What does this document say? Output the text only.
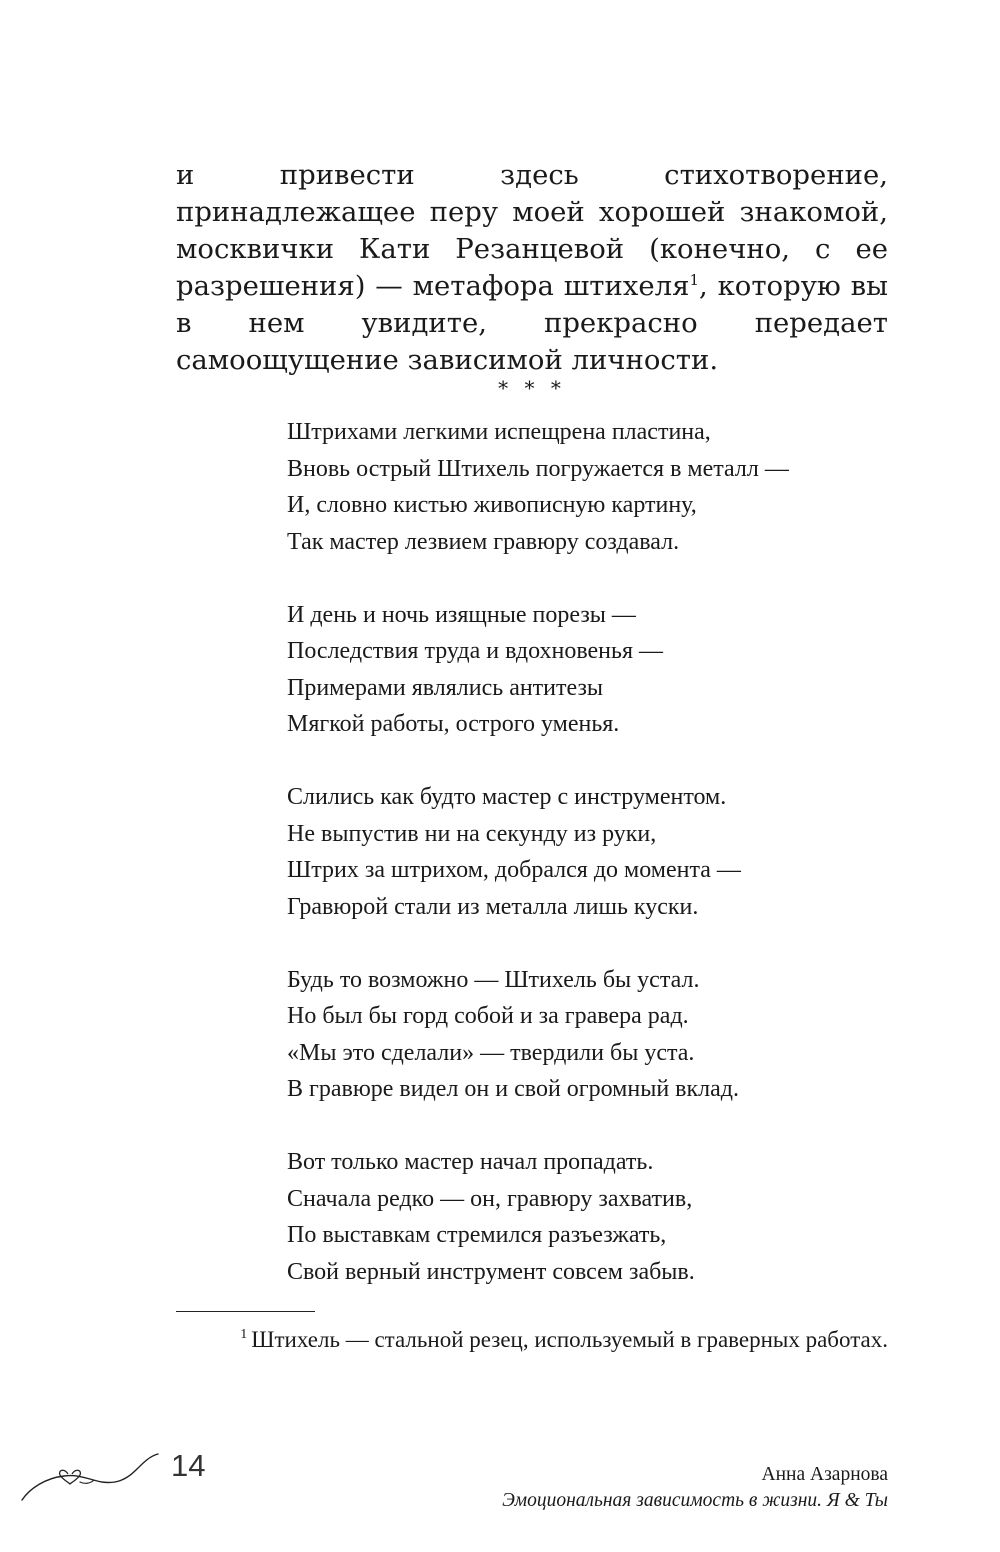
и привести здесь стихотворение, принадлежащее перу моей хорошей знакомой, москвички Кати Резанцевой (конечно, с ее разрешения) — метафора штихеля$^1$, которую вы в нем увидите, прекрасно передает самоощущение зависимой личности.

* * *
Штрихами легкими испещрена пластина,
Вновь острый Штихель погружается в металл —
И, словно кистью живописную картину,
Так мастер лезвием гравюру создавал.
И день и ночь изящные порезы —
Последствия труда и вдохновенья —
Примерами являлись антитезы
Мягкой работы, острого уменья.
Слились как будто мастер с инструментом.
Не выпустив ни на секунду из руки,
Штрих за штрихом, добрался до момента —
Гравюрой стали из металла лишь куски.
Будь то возможно — Штихель бы устал.
Но был бы горд собой и за гравера рад.
«Мы это сделали» — твердили бы уста.
В гравюре видел он и свой огромный вклад.
Вот только мастер начал пропадать.
Сначала редко — он, гравюру захватив,
По выставкам стремился разъезжать,
Свой верный инструмент совсем забыв.
$^1$ Штихель — стальной резец, используемый в граверных работах.
14	Анна Азарнова
Эмоциональная зависимость в жизни. Я & Ты
